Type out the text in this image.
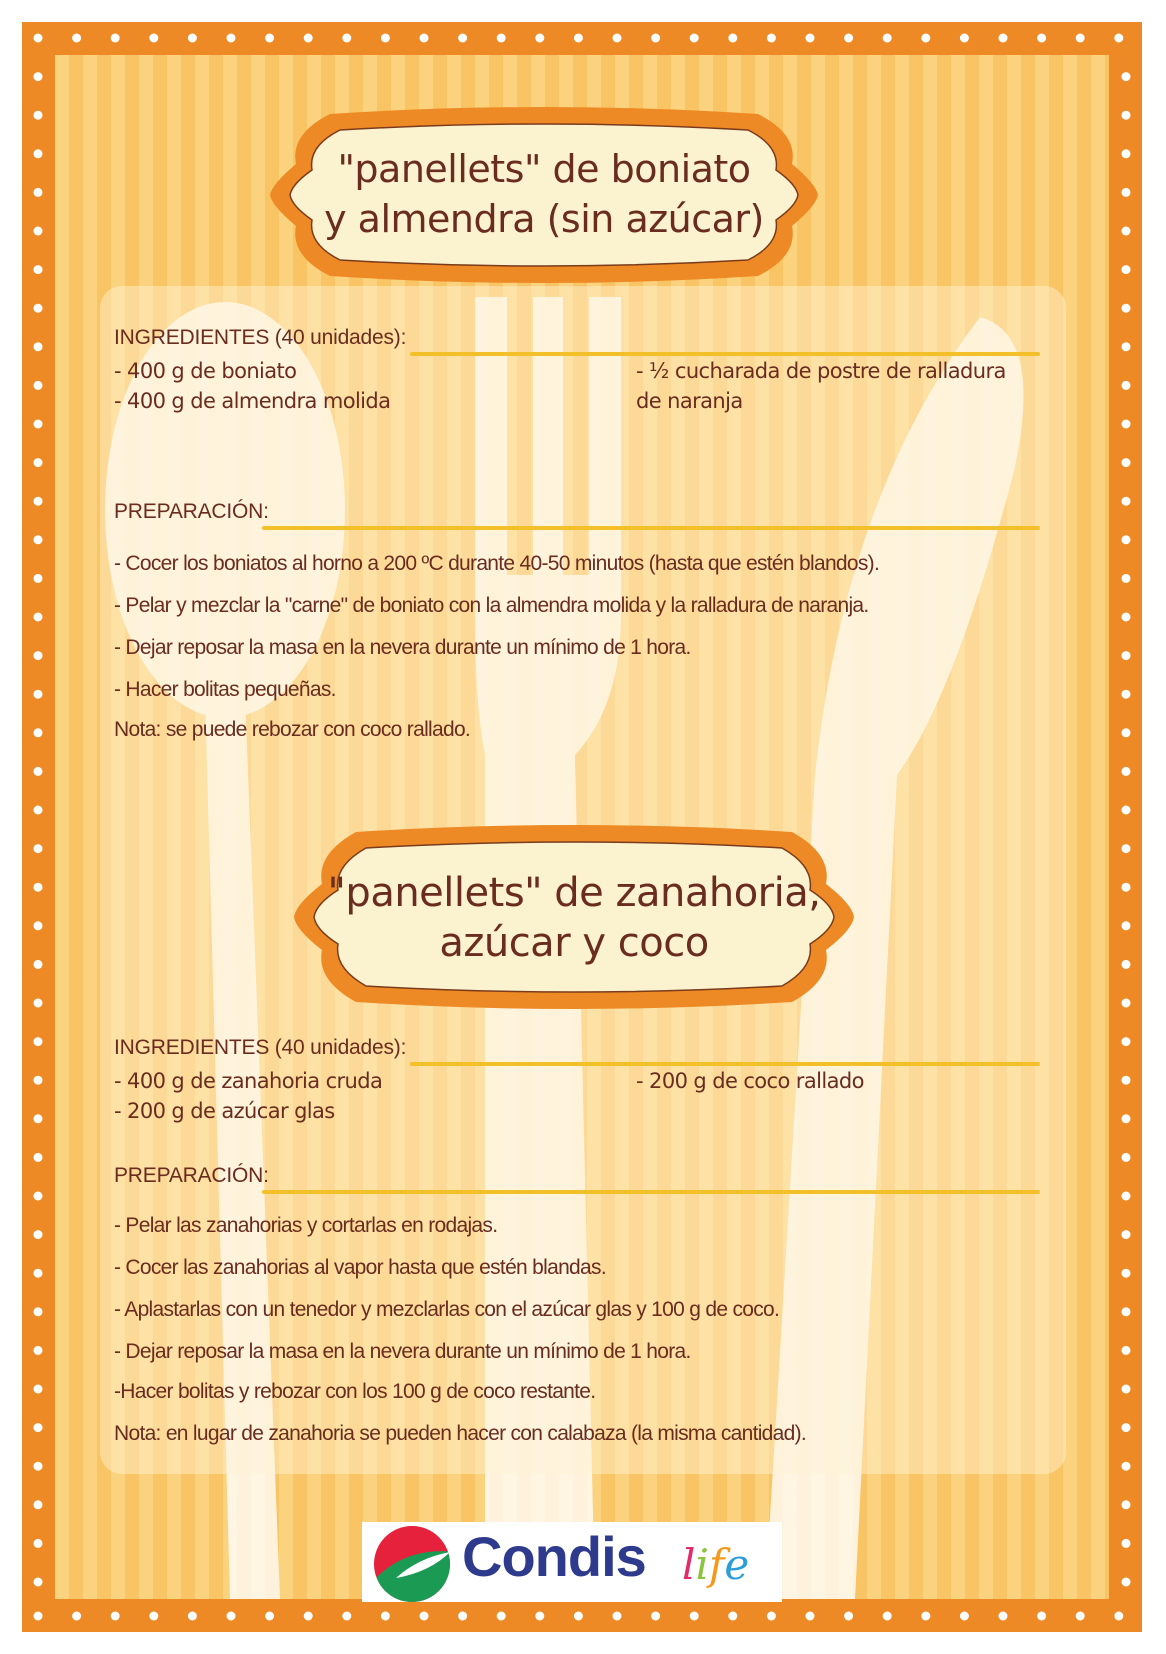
"panellets" de boniato
y almendra (sin azúcar)
INGREDIENTES (40 unidades):
- 400 g de boniato
- 400 g de almendra molida
- ½ cucharada de postre de ralladura
de naranja
PREPARACIÓN:
- Cocer los boniatos al horno a 200 ºC durante 40-50 minutos (hasta que estén blandos).
- Pelar y mezclar la "carne" de boniato con la almendra molida y la ralladura de naranja.
- Dejar reposar la masa en la nevera durante un mínimo de 1 hora.
- Hacer bolitas pequeñas.
Nota: se puede rebozar con coco rallado.
"panellets" de zanahoria,
azúcar y coco
INGREDIENTES (40 unidades):
- 400 g de zanahoria cruda
- 200 g de azúcar glas
- 200 g de coco rallado
PREPARACIÓN:
- Pelar las zanahorias y cortarlas en rodajas.
- Cocer las zanahorias al vapor hasta que estén blandas.
- Aplastarlas con un tenedor y mezclarlas con el azúcar glas y 100 g de coco.
- Dejar reposar la masa en la nevera durante un mínimo de 1 hora.
-Hacer bolitas y rebozar con los 100 g de coco restante.
Nota: en lugar de zanahoria se pueden hacer con calabaza (la misma cantidad).
Condis life
